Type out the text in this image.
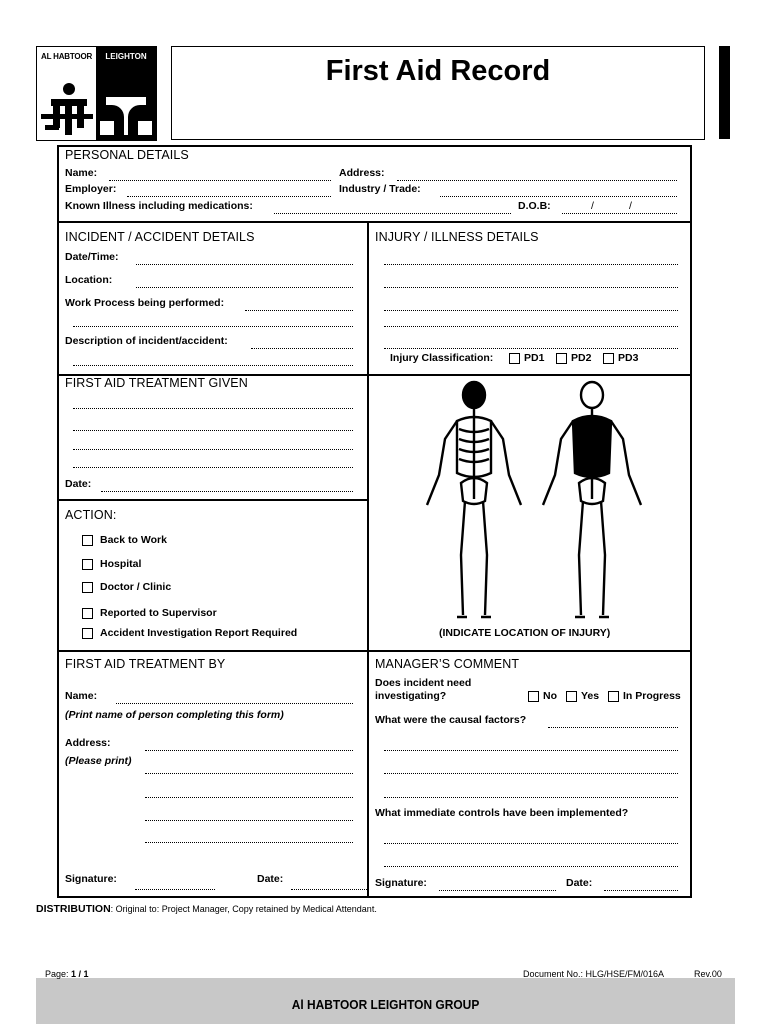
AL HABTOOR	LEIGHTON	First Aid Record
PERSONAL DETAILS
Name:	Address:
Employer:	Industry / Trade:
Known Illness including medications:	D.O.B:	/	/
INCIDENT / ACCIDENT DETAILS
Date/Time:
Location:
Work Process being performed:
Description of incident/accident:
INJURY / ILLNESS DETAILS
Injury Classification:	PD1	PD2	PD3
FIRST AID TREATMENT GIVEN
Date:
ACTION:
Back to Work
Hospital
Doctor / Clinic
Reported to Supervisor
Accident Investigation Report Required	(INDICATE LOCATION OF INJURY)
FIRST AID TREATMENT BY
Name:
(Print name of person completing this form)
Address:
(Please print)
Signature:	Date:
MANAGER’S COMMENT
Does incident need
investigating?	No Yes In Progress
What were the causal factors?
What immediate controls have been implemented?
Signature:	Date:
DISTRIBUTION: Original to: Project Manager, Copy retained by Medical Attendant.
Page: 1 / 1	Document No.: HLG/HSE/FM/016A	Rev.00
Al HABTOOR LEIGHTON GROUP
